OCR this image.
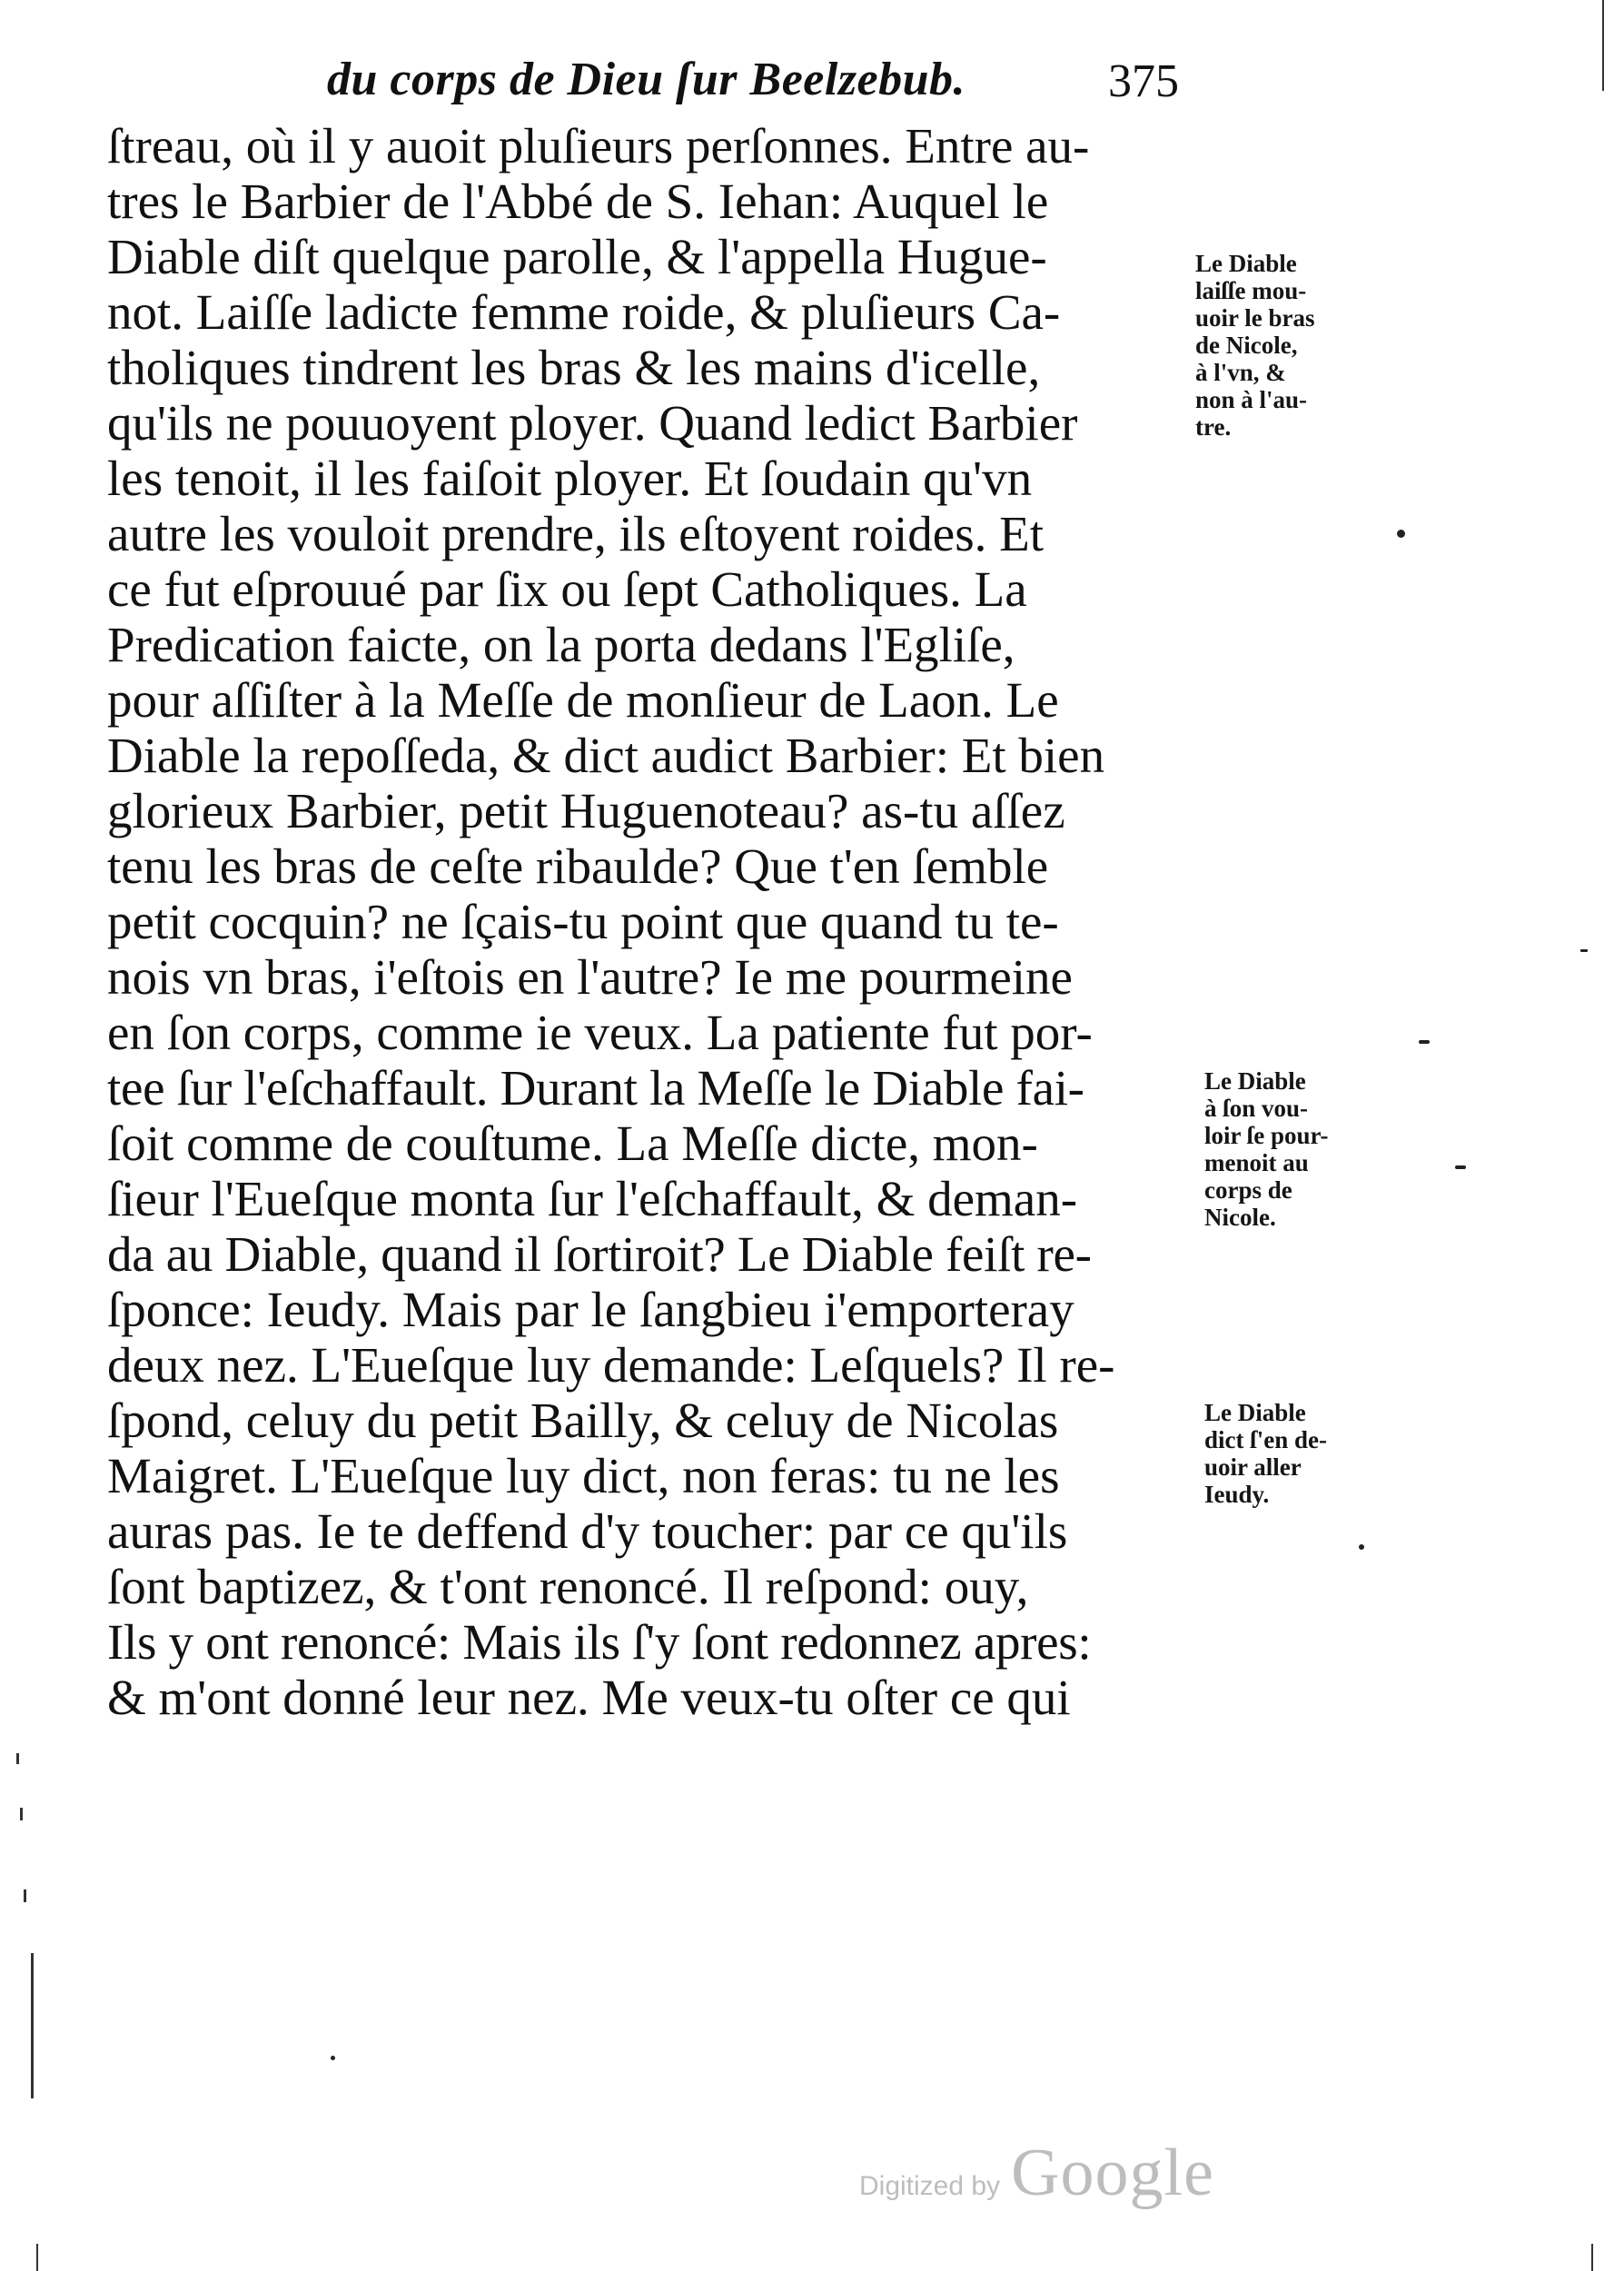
du corps de Dieu ſur Beelzebub.	375
ſtreau, où il y auoit pluſieurs perſonnes. Entre au-
tres le Barbier de l'Abbé de S. Iehan: Auquel le
Diable diſt quelque parolle, & l'appella Hugue-
not. Laiſſe ladicte femme roide, & pluſieurs Ca-
tholiques tindrent les bras & les mains d'icelle,
qu'ils ne pouuoyent ployer. Quand ledict Barbier
les tenoit, il les faiſoit ployer. Et ſoudain qu'vn
autre les vouloit prendre, ils eſtoyent roides. Et
ce fut eſprouué par ſix ou ſept Catholiques. La
Predication faicte, on la porta dedans l'Egliſe,
pour aſſiſter à la Meſſe de monſieur de Laon. Le
Diable la repoſſeda, & dict audict Barbier: Et bien
glorieux Barbier, petit Huguenoteau? as-tu aſſez
tenu les bras de ceſte ribaulde? Que t'en ſemble
petit cocquin? ne ſçais-tu point que quand tu te-
nois vn bras, i'eſtois en l'autre? Ie me pourmeine
en ſon corps, comme ie veux. La patiente fut por-
tee ſur l'eſchaffault. Durant la Meſſe le Diable fai-
ſoit comme de couſtume. La Meſſe dicte, mon-
ſieur l'Eueſque monta ſur l'eſchaffault, & deman-
da au Diable, quand il ſortiroit? Le Diable feiſt re-
ſponce: Ieudy. Mais par le ſangbieu i'emporteray
deux nez. L'Eueſque luy demande: Leſquels? Il re-
ſpond, celuy du petit Bailly, & celuy de Nicolas
Maigret. L'Eueſque luy dict, non feras: tu ne les
auras pas. Ie te deffend d'y toucher: par ce qu'ils
ſont baptizez, & t'ont renoncé. Il reſpond: ouy,
Ils y ont renoncé: Mais ils ſ'y ſont redonnez apres:
& m'ont donné leur nez. Me veux-tu oſter ce qui
Le Diable
laiſſe mou-
uoir le bras
de Nicole,
à l'vn, &
non à l'au-
tre.
Le Diable
à ſon vou-
loir ſe pour-
menoit au
corps de
Nicole.
Le Diable
dict ſ'en de-
uoir aller
Ieudy.
Digitized by Google
